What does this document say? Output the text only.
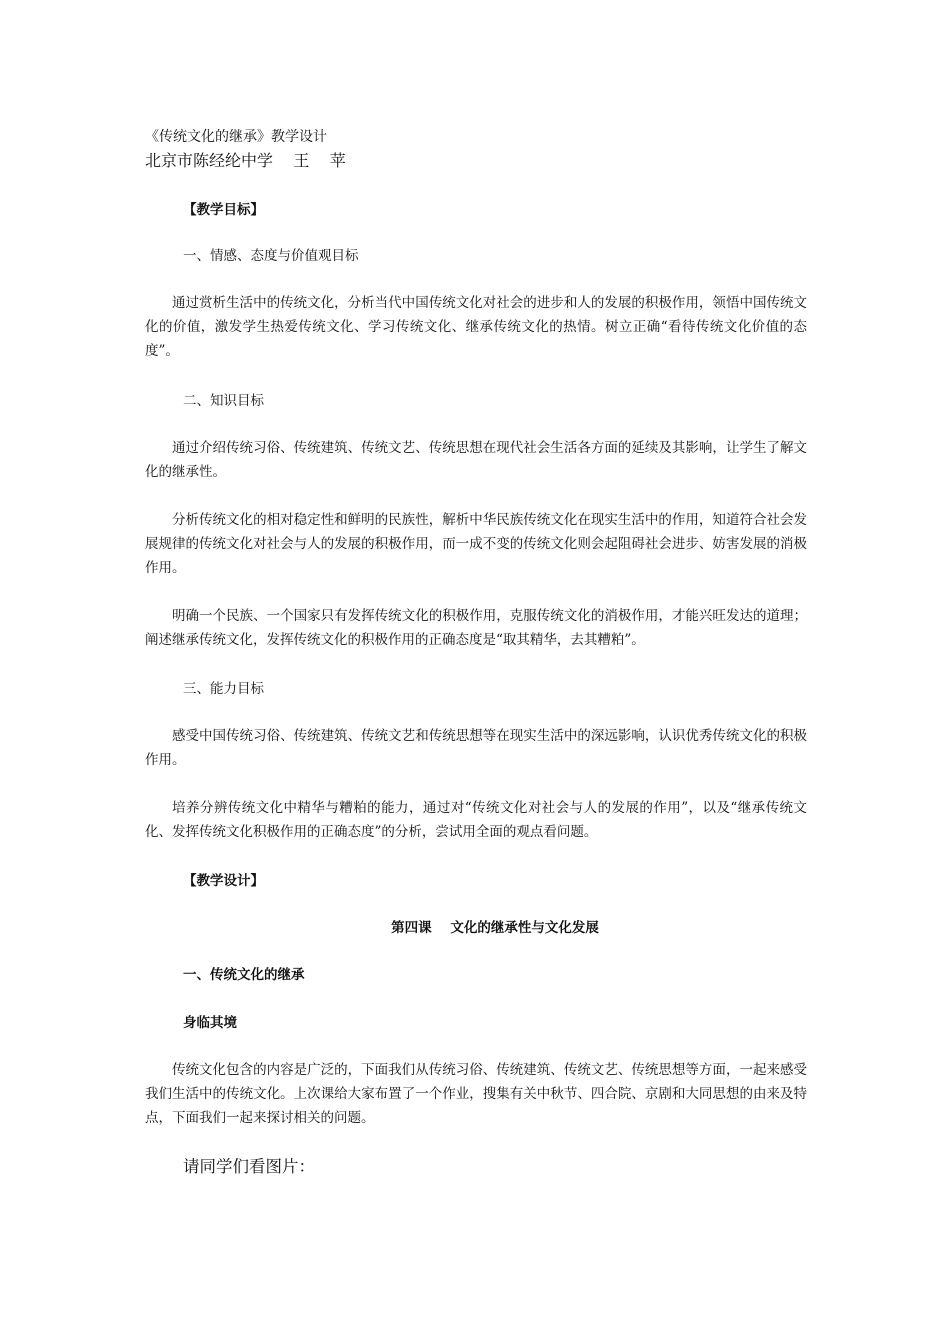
《传统文化的继承》教学设计
北京市陈经纶中学    王    苹
【教学目标】
一、情感、态度与价值观目标

通过赏析生活中的传统文化，分析当代中国传统文化对社会的进步和人的发展的积极作用，领悟中国传统文化的价值，激发学生热爱传统文化、学习传统文化、继承传统文化的热情。树立正确“看待传统文化价值的态度”。

二、知识目标

通过介绍传统习俗、传统建筑、传统文艺、传统思想在现代社会生活各方面的延续及其影响，让学生了解文化的继承性。

分析传统文化的相对稳定性和鲜明的民族性，解析中华民族传统文化在现实生活中的作用，知道符合社会发展规律的传统文化对社会与人的发展的积极作用，而一成不变的传统文化则会起阻碍社会进步、妨害发展的消极作用。

明确一个民族、一个国家只有发挥传统文化的积极作用，克服传统文化的消极作用，才能兴旺发达的道理；阐述继承传统文化，发挥传统文化的积极作用的正确态度是“取其精华，去其糟粕”。

三、能力目标

感受中国传统习俗、传统建筑、传统文艺和传统思想等在现实生活中的深远影响，认识优秀传统文化的积极作用。

培养分辨传统文化中精华与糟粕的能力，通过对“传统文化对社会与人的发展的作用”，以及“继承传统文化、发挥传统文化积极作用的正确态度”的分析，尝试用全面的观点看问题。

【教学设计】
第四课    文化的继承性与文化发展
一、传统文化的继承
身临其境

传统文化包含的内容是广泛的，下面我们从传统习俗、传统建筑、传统文艺、传统思想等方面，一起来感受我们生活中的传统文化。上次课给大家布置了一个作业，搜集有关中秋节、四合院、京剧和大同思想的由来及特点，下面我们一起来探讨相关的问题。

请同学们看图片：
